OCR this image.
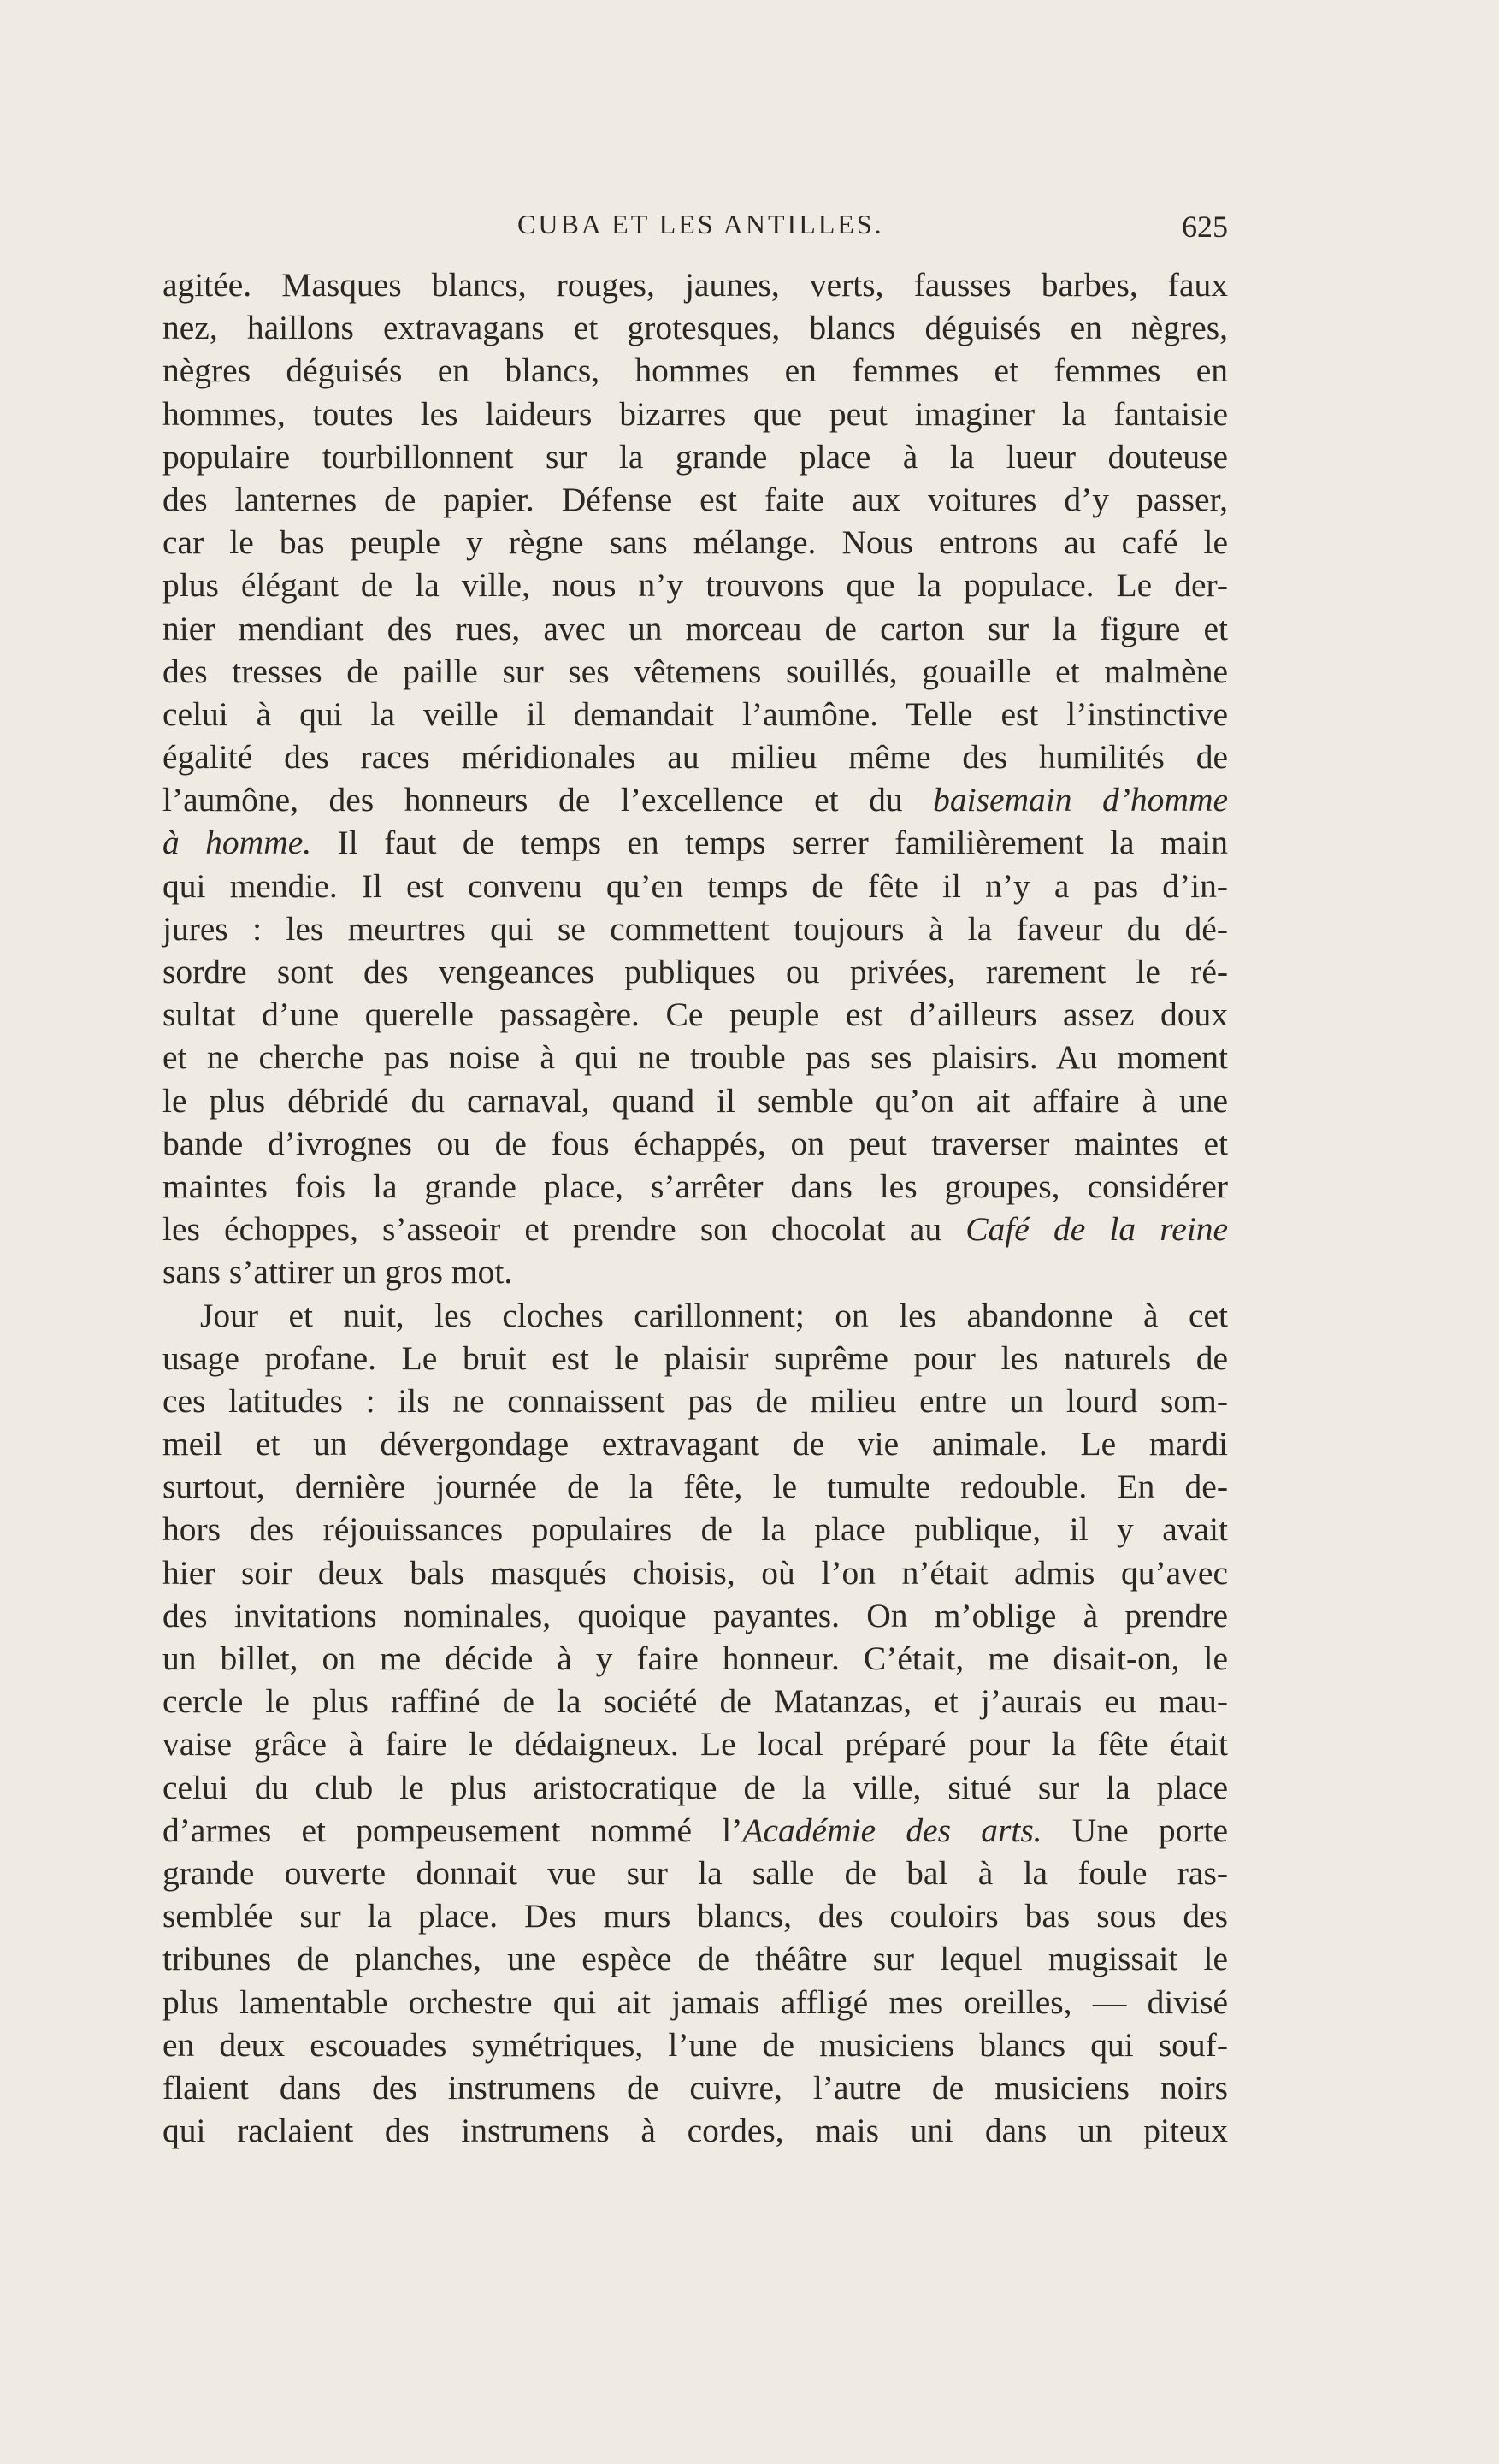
CUBA ET LES ANTILLES.	625
agitée. Masques blancs, rouges, jaunes, verts, fausses barbes, faux
nez, haillons extravagans et grotesques, blancs déguisés en nègres,
nègres déguisés en blancs, hommes en femmes et femmes en
hommes, toutes les laideurs bizarres que peut imaginer la fantaisie
populaire tourbillonnent sur la grande place à la lueur douteuse
des lanternes de papier. Défense est faite aux voitures d’y passer,
car le bas peuple y règne sans mélange. Nous entrons au café le
plus élégant de la ville, nous n’y trouvons que la populace. Le der-
nier mendiant des rues, avec un morceau de carton sur la figure et
des tresses de paille sur ses vêtemens souillés, gouaille et malmène
celui à qui la veille il demandait l’aumône. Telle est l’instinctive
égalité des races méridionales au milieu même des humilités de
l’aumône, des honneurs de l’excellence et du baisemain d’homme
à homme. Il faut de temps en temps serrer familièrement la main
qui mendie. Il est convenu qu’en temps de fête il n’y a pas d’in-
jures : les meurtres qui se commettent toujours à la faveur du dé-
sordre sont des vengeances publiques ou privées, rarement le ré-
sultat d’une querelle passagère. Ce peuple est d’ailleurs assez doux
et ne cherche pas noise à qui ne trouble pas ses plaisirs. Au moment
le plus débridé du carnaval, quand il semble qu’on ait affaire à une
bande d’ivrognes ou de fous échappés, on peut traverser maintes et
maintes fois la grande place, s’arrêter dans les groupes, considérer
les échoppes, s’asseoir et prendre son chocolat au Café de la reine
sans s’attirer un gros mot.
Jour et nuit, les cloches carillonnent; on les abandonne à cet
usage profane. Le bruit est le plaisir suprême pour les naturels de
ces latitudes : ils ne connaissent pas de milieu entre un lourd som-
meil et un dévergondage extravagant de vie animale. Le mardi
surtout, dernière journée de la fête, le tumulte redouble. En de-
hors des réjouissances populaires de la place publique, il y avait
hier soir deux bals masqués choisis, où l’on n’était admis qu’avec
des invitations nominales, quoique payantes. On m’oblige à prendre
un billet, on me décide à y faire honneur. C’était, me disait-on, le
cercle le plus raffiné de la société de Matanzas, et j’aurais eu mau-
vaise grâce à faire le dédaigneux. Le local préparé pour la fête était
celui du club le plus aristocratique de la ville, situé sur la place
d’armes et pompeusement nommé l’Académie des arts. Une porte
grande ouverte donnait vue sur la salle de bal à la foule ras-
semblée sur la place. Des murs blancs, des couloirs bas sous des
tribunes de planches, une espèce de théâtre sur lequel mugissait le
plus lamentable orchestre qui ait jamais affligé mes oreilles, — divisé
en deux escouades symétriques, l’une de musiciens blancs qui souf-
flaient dans des instrumens de cuivre, l’autre de musiciens noirs
qui raclaient des instrumens à cordes, mais uni dans un piteux
